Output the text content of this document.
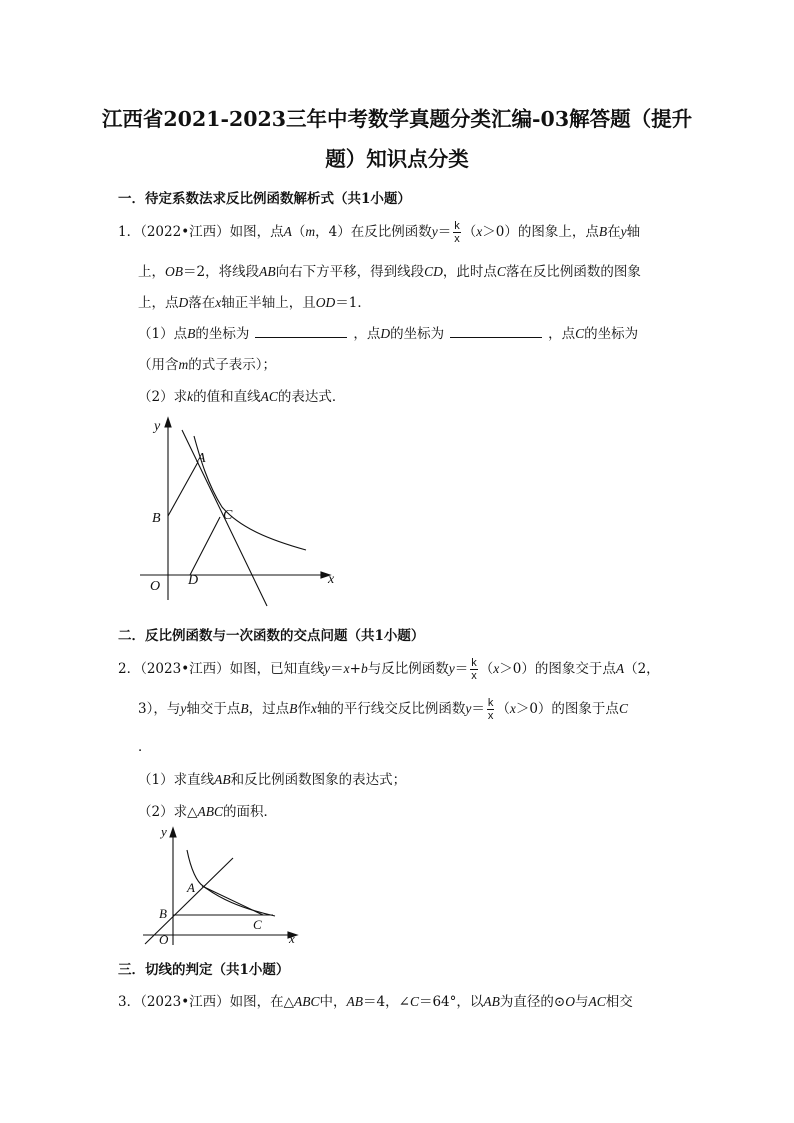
江西省2021-2023三年中考数学真题分类汇编-03解答题（提升
题）知识点分类
一．待定系数法求反比例函数解析式（共1小题）
1．（2022•江西）如图，点A（m，4）在反比例函数$y= \frac{k}{x} (x>0)$的图象上，点B在y轴
上，OB＝2，将线段AB向右下方平移，得到线段CD，此时点C落在反比例函数的图象
上，点D落在x轴正半轴上，且OD＝1．
（1）点B的坐标为	，点D的坐标为	，点C的坐标为
（用含m的式子表示）；
（2）求k的值和直线AC的表达式．
y
A
B	C
D
O	x
二．反比例函数与一次函数的交点问题（共1小题）
2．（2023•江西）如图，已知直线y＝x+b与反比例函数$y= \frac{k}{x} (x>0)$的图象交于点A（2，
3），与y轴交于点B，过点B作x轴的平行线交反比例函数$y= \frac{k}{x} (x>0)$的图象于点C
．
（1）求直线AB和反比例函数图象的表达式；
（2）求△ABC的面积．
y
A
B
C
O	x
三．切线的判定（共1小题）
3．（2023•江西）如图，在△ABC中，AB＝4，∠C＝64°，以AB为直径的⊙O与AC相交
